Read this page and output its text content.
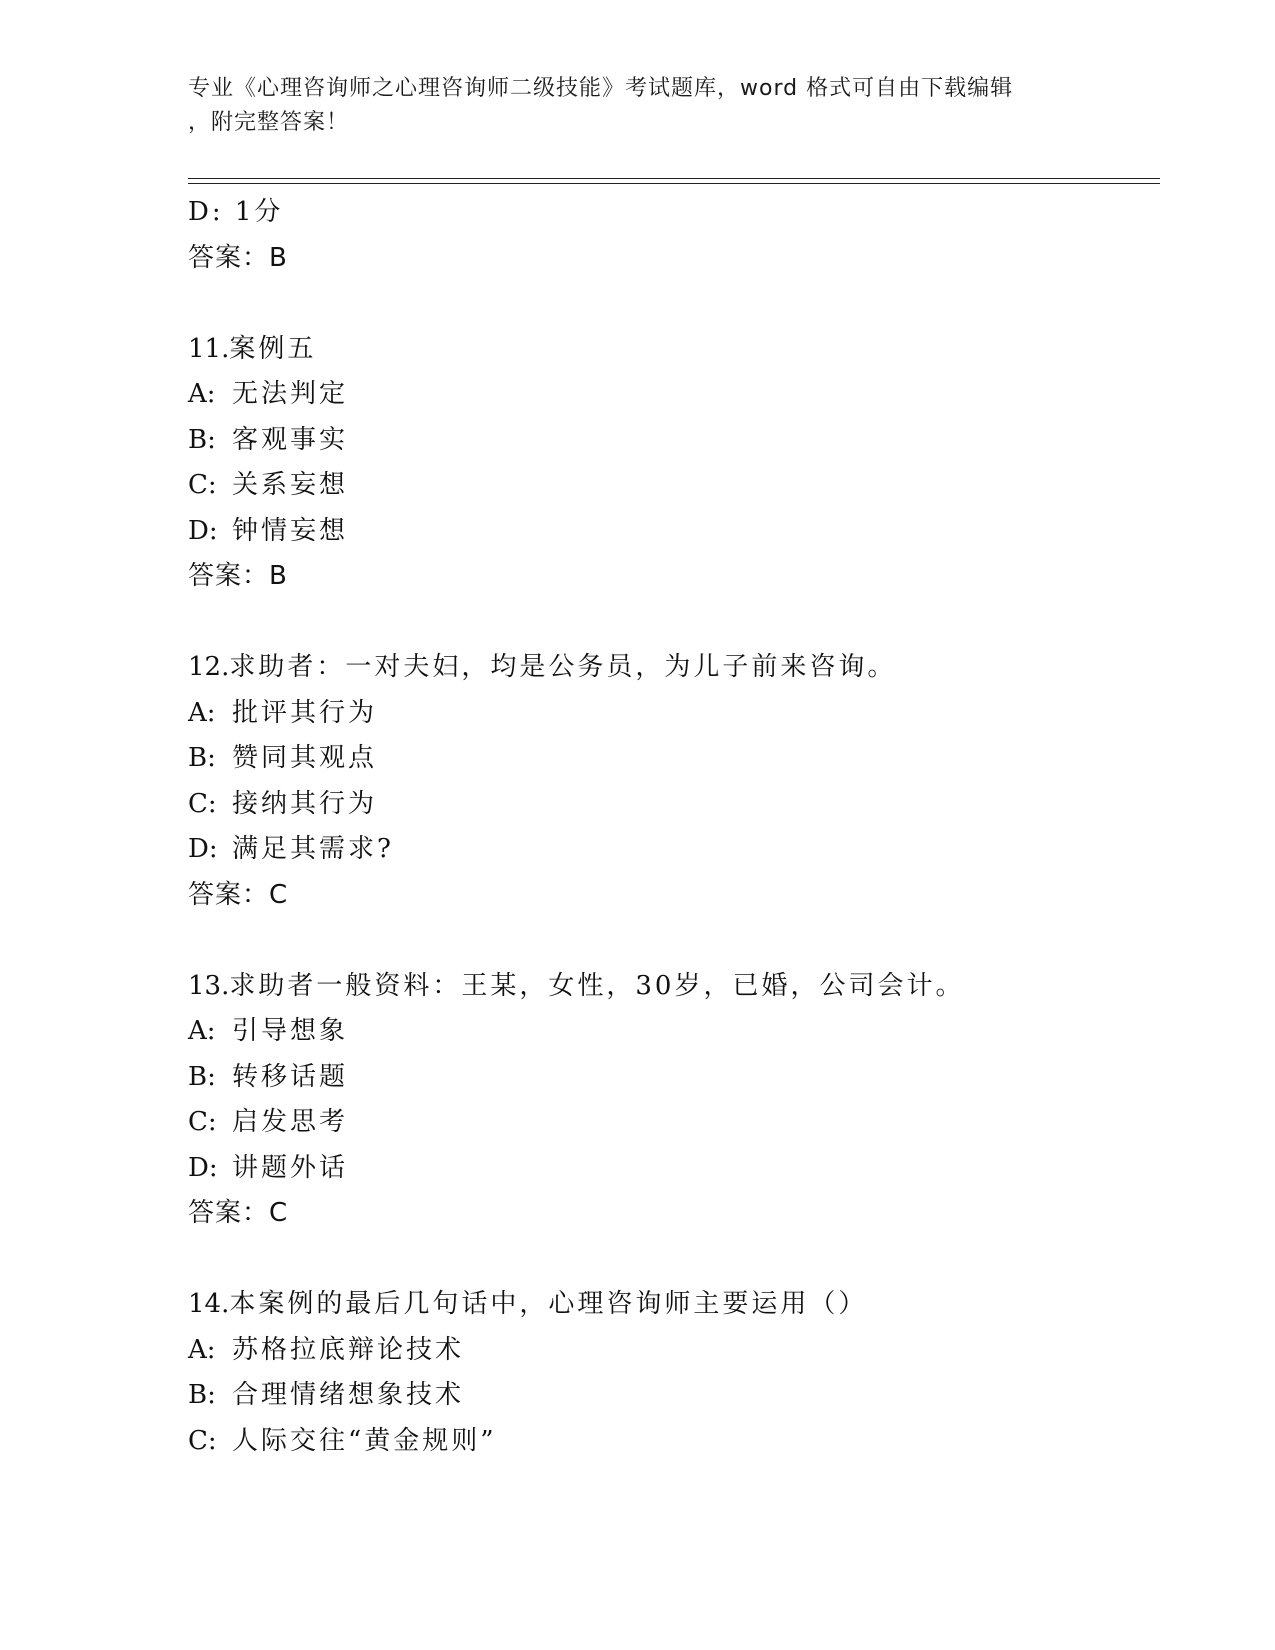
专业《心理咨询师之心理咨询师二级技能》考试题库，word 格式可自由下载编辑
，附完整答案！
D: 1分
答案：B
11.案例五
A: 无法判定
B: 客观事实
C: 关系妄想
D: 钟情妄想
答案：B
12.求助者：一对夫妇，均是公务员，为儿子前来咨询。
A: 批评其行为
B: 赞同其观点
C: 接纳其行为
D: 满足其需求?
答案：C
13.求助者一般资料：王某，女性，30岁，已婚，公司会计。
A: 引导想象
B: 转移话题
C: 启发思考
D: 讲题外话
答案：C
14.本案例的最后几句话中，心理咨询师主要运用（）
A: 苏格拉底辩论技术
B: 合理情绪想象技术
C: 人际交往“黄金规则”
